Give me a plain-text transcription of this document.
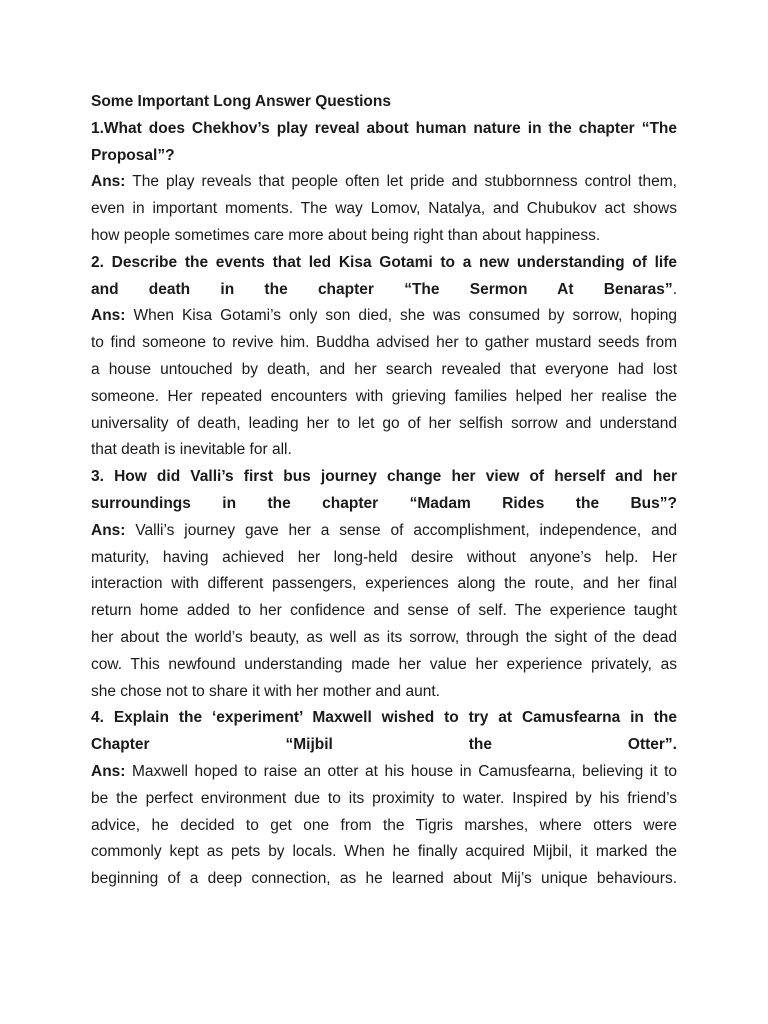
Some Important Long Answer Questions

1.What does Chekhov’s play reveal about human nature in the chapter “The

Proposal”?

Ans: The play reveals that people often let pride and stubbornness control them,

even in important moments. The way Lomov, Natalya, and Chubukov act shows

how people sometimes care more about being right than about happiness.

2. Describe the events that led Kisa Gotami to a new understanding of life

and death in the chapter “The Sermon At Benaras”.

Ans: When Kisa Gotami’s only son died, she was consumed by sorrow, hoping

to find someone to revive him. Buddha advised her to gather mustard seeds from

a house untouched by death, and her search revealed that everyone had lost

someone. Her repeated encounters with grieving families helped her realise the

universality of death, leading her to let go of her selfish sorrow and understand

that death is inevitable for all.

3. How did Valli’s first bus journey change her view of herself and her

surroundings in the chapter “Madam Rides the Bus”?

Ans: Valli’s journey gave her a sense of accomplishment, independence, and

maturity, having achieved her long-held desire without anyone’s help. Her

interaction with different passengers, experiences along the route, and her final

return home added to her confidence and sense of self. The experience taught

her about the world’s beauty, as well as its sorrow, through the sight of the dead

cow. This newfound understanding made her value her experience privately, as

she chose not to share it with her mother and aunt.

4. Explain the ‘experiment’ Maxwell wished to try at Camusfearna in the

Chapter “Mijbil the Otter”.

Ans: Maxwell hoped to raise an otter at his house in Camusfearna, believing it to

be the perfect environment due to its proximity to water. Inspired by his friend’s

advice, he decided to get one from the Tigris marshes, where otters were

commonly kept as pets by locals. When he finally acquired Mijbil, it marked the

beginning of a deep connection, as he learned about Mij’s unique behaviours.
